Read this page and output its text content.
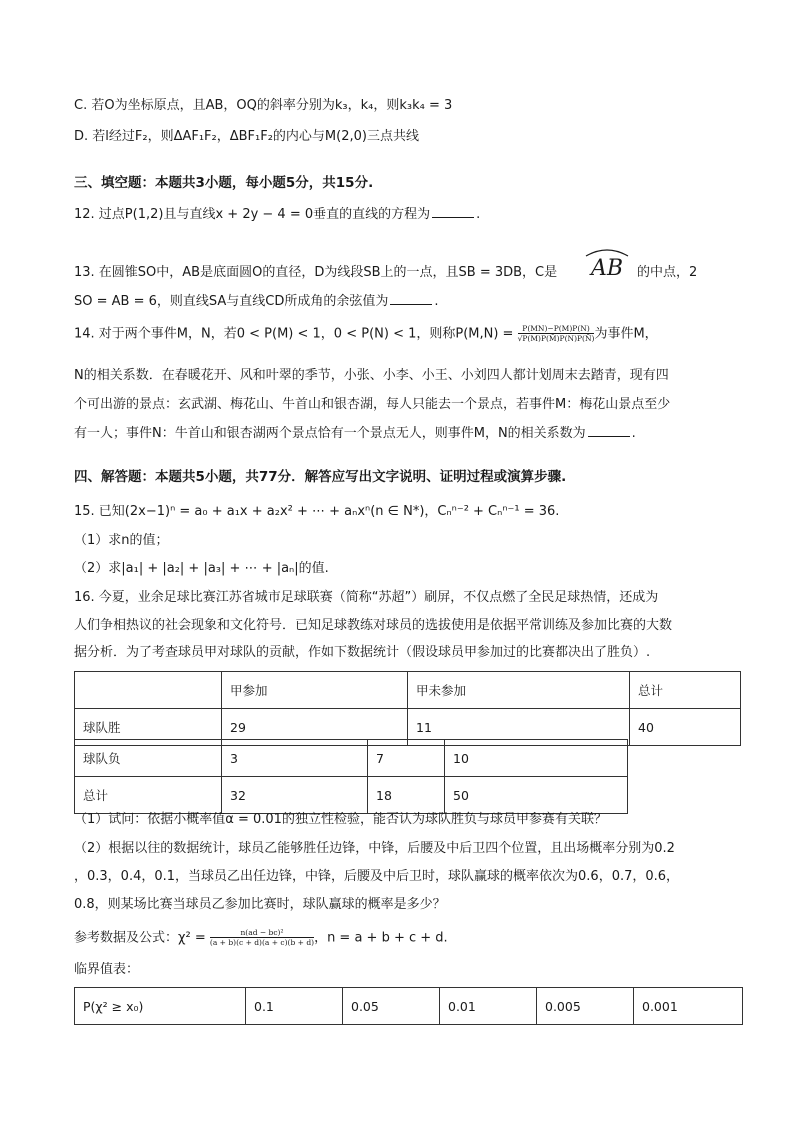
C. 若O为坐标原点，且AB，OQ的斜率分别为k₃，k₄，则k₃k₄ = 3
D. 若l经过F₂，则ΔAF₁F₂，ΔBF₁F₂的内心与M(2,0)三点共线
三、填空题：本题共3小题，每小题5分，共15分.
12. 过点P(1,2)且与直线x + 2y − 4 = 0垂直的直线的方程为	.
13. 在圆锥SO中，AB是底面圆O的直径，D为线段SB上的一点，且SB = 3DB，C是 AB 的中点，2
SO = AB = 6，则直线SA与直线CD所成角的余弦值为	.
14. 对于两个事件M，N，若0 < P(M) < 1，0 < P(N) < 1，则称$P(M,N) = \frac{P(MN)-P(M)P(N)}{√P(M)P(M̄)P(N)P(N̄)}$ 为事件M，
N的相关系数．在春暖花开、风和叶翠的季节，小张、小李、小王、小刘四人都计划周末去踏青，现有四
个可出游的景点：玄武湖、梅花山、牛首山和银杏湖，每人只能去一个景点，若事件M：梅花山景点至少
有一人；事件N：牛首山和银杏湖两个景点恰有一个景点无人，则事件M，N的相关系数为	.
四、解答题：本题共5小题，共77分．解答应写出文字说明、证明过程或演算步骤.
15. 已知(2x−1)ⁿ = a₀ + a₁x + a₂x² + ⋯ + aₙxⁿ(n ∈ N*)，Cₙⁿ⁻² + Cₙⁿ⁻¹ = 36.
（1）求n的值；
（2）求|a₁| + |a₂| + |a₃| + ⋯ + |aₙ|的值.
16. 今夏，业余足球比赛江苏省城市足球联赛（简称“苏超”）刷屏，不仅点燃了全民足球热情，还成为
人们争相热议的社会现象和文化符号．已知足球教练对球员的选拔使用是依据平常训练及参加比赛的大数
据分析．为了考查球员甲对球队的贡献，作如下数据统计（假设球员甲参加过的比赛都决出了胜负）.
	甲参加	甲未参加	总计
球队胜	29	11	40
球队负	3	7	10
总计	32	18	50
（1）试问：依据小概率值α = 0.01的独立性检验，能否认为球队胜负与球员甲参赛有关联？
（2）根据以往的数据统计，球员乙能够胜任边锋，中锋，后腰及中后卫四个位置，且出场概率分别为0.2
，0.3，0.4，0.1，当球员乙出任边锋，中锋，后腰及中后卫时，球队赢球的概率依次为0.6，0.7，0.6，
0.8，则某场比赛当球员乙参加比赛时，球队赢球的概率是多少？
参考数据及公式：$\chi^2 = \frac{\text{n(ad − bc)²}}{(a + b)(c + d)(a + c)(b + d)}$ ，n = a + b + c + d.
临界值表：
P(χ² ≥ x₀)	0.1	0.05	0.01	0.005	0.001
